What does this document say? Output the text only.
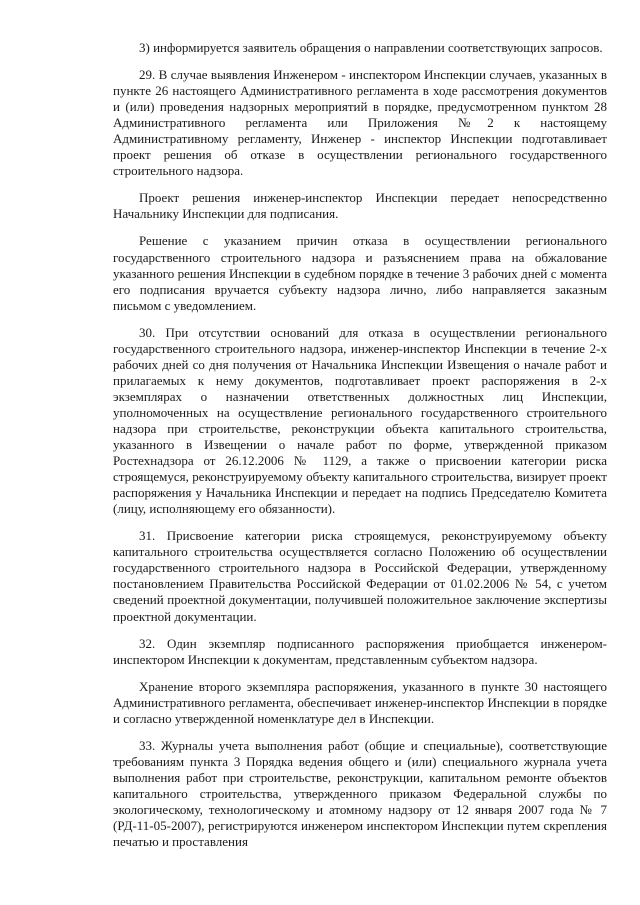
3) информируется заявитель обращения о направлении соответствующих запросов.

29. В случае выявления Инженером - инспектором Инспекции случаев, указанных в пункте 26 настоящего Административного регламента в ходе рассмотрения документов и (или) проведения надзорных мероприятий в порядке, предусмотренном пунктом 28 Административного регламента или Приложения №2 к настоящему Административному регламенту, Инженер - инспектор Инспекции подготавливает проект решения об отказе в осуществлении регионального государственного строительного надзора.

Проект решения инженер-инспектор Инспекции передает непосредственно Начальнику Инспекции для подписания.

Решение с указанием причин отказа в осуществлении регионального государственного строительного надзора и разъяснением права на обжалование указанного решения Инспекции в судебном порядке в течение 3 рабочих дней с момента его подписания вручается субъекту надзора лично, либо направляется заказным письмом с уведомлением.

30. При отсутствии оснований для отказа в осуществлении регионального государственного строительного надзора, инженер-инспектор Инспекции в течение 2-х рабочих дней со дня получения от Начальника Инспекции Извещения о начале работ и прилагаемых к нему документов, подготавливает проект распоряжения в 2-х экземплярах о назначении ответственных должностных лиц Инспекции, уполномоченных на осуществление регионального государственного строительного надзора при строительстве, реконструкции объекта капитального строительства, указанного в Извещении о начале работ по форме, утвержденной приказом Ростехнадзора от 26.12.2006 № 1129, а также о присвоении категории риска строящемуся, реконструируемому объекту капитального строительства, визирует проект распоряжения у Начальника Инспекции и передает на подпись Председателю Комитета (лицу, исполняющему его обязанности).

31. Присвоение категории риска строящемуся, реконструируемому объекту капитального строительства осуществляется согласно Положению об осуществлении государственного строительного надзора в Российской Федерации, утвержденному постановлением Правительства Российской Федерации от 01.02.2006 № 54, с учетом сведений проектной документации, получившей положительное заключение экспертизы проектной документации.

32. Один экземпляр подписанного распоряжения приобщается инженером-инспектором Инспекции к документам, представленным субъектом надзора.

Хранение второго экземпляра распоряжения, указанного в пункте 30 настоящего Административного регламента, обеспечивает инженер-инспектор Инспекции в порядке и согласно утвержденной номенклатуре дел в Инспекции.

33. Журналы учета выполнения работ (общие и специальные), соответствующие требованиям пункта 3 Порядка ведения общего и (или) специального журнала учета выполнения работ при строительстве, реконструкции, капитальном ремонте объектов капитального строительства, утвержденного приказом Федеральной службы по экологическому, технологическому и атомному надзору от 12 января 2007 года № 7 (РД-11-05-2007), регистрируются инженером инспектором Инспекции путем скрепления печатью и проставления
